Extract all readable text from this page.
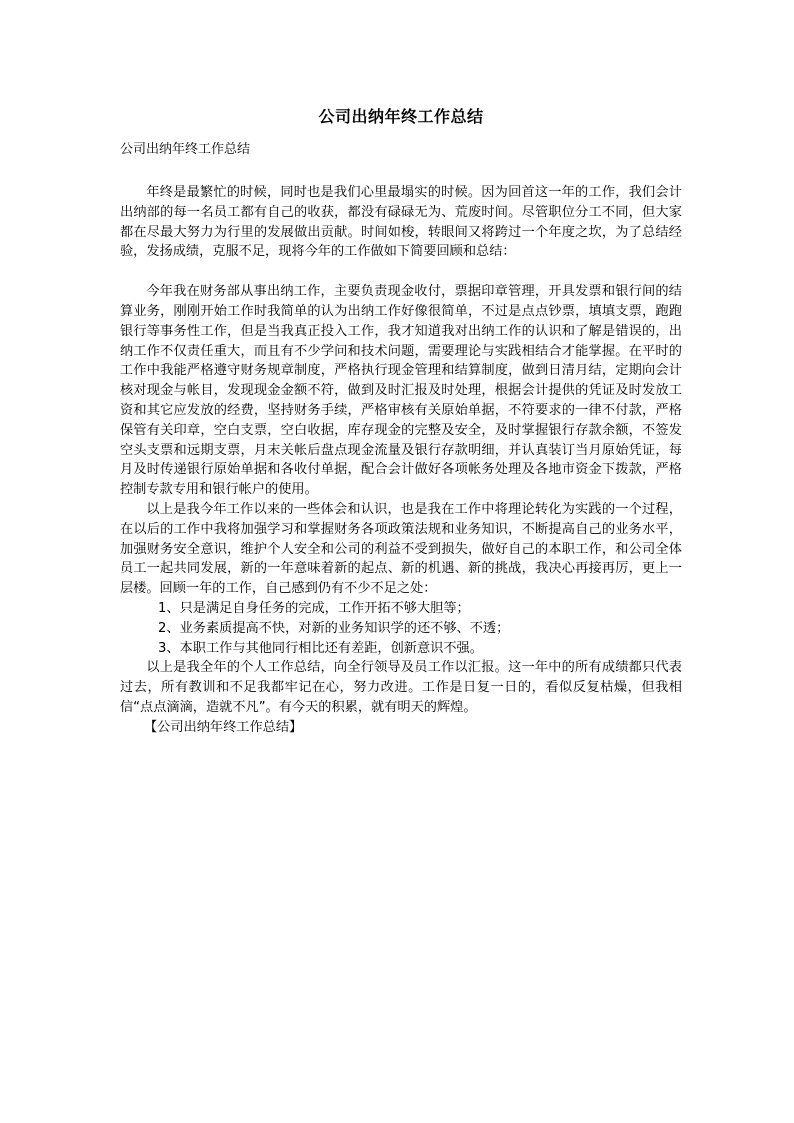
公司出纳年终工作总结

公司出纳年终工作总结

年终是最繁忙的时候，同时也是我们心里最塌实的时候。因为回首这一年的工作，我们会计出纳部的每一名员工都有自己的收获，都没有碌碌无为、荒废时间。尽管职位分工不同，但大家都在尽最大努力为行里的发展做出贡献。时间如梭，转眼间又将跨过一个年度之坎，为了总结经验，发扬成绩，克服不足，现将今年的工作做如下简要回顾和总结：

今年我在财务部从事出纳工作，主要负责现金收付，票据印章管理，开具发票和银行间的结算业务，刚刚开始工作时我简单的认为出纳工作好像很简单，不过是点点钞票，填填支票，跑跑银行等事务性工作，但是当我真正投入工作，我才知道我对出纳工作的认识和了解是错误的，出纳工作不仅责任重大，而且有不少学问和技术问题，需要理论与实践相结合才能掌握。在平时的工作中我能严格遵守财务规章制度，严格执行现金管理和结算制度，做到日清月结，定期向会计核对现金与帐目，发现现金金额不符，做到及时汇报及时处理，根据会计提供的凭证及时发放工资和其它应发放的经费，坚持财务手续，严格审核有关原始单据，不符要求的一律不付款，严格保管有关印章，空白支票，空白收据，库存现金的完整及安全，及时掌握银行存款余额，不签发空头支票和远期支票，月末关帐后盘点现金流量及银行存款明细，并认真装订当月原始凭证，每月及时传递银行原始单据和各收付单据，配合会计做好各项帐务处理及各地市资金下拨款，严格控制专款专用和银行帐户的使用。

以上是我今年工作以来的一些体会和认识，也是我在工作中将理论转化为实践的一个过程，在以后的工作中我将加强学习和掌握财务各项政策法规和业务知识，不断提高自己的业务水平，加强财务安全意识，维护个人安全和公司的利益不受到损失，做好自己的本职工作，和公司全体员工一起共同发展，新的一年意味着新的起点、新的机遇、新的挑战，我决心再接再厉，更上一层楼。回顾一年的工作，自己感到仍有不少不足之处：

1、只是满足自身任务的完成，工作开拓不够大胆等；

2、业务素质提高不快，对新的业务知识学的还不够、不透；

3、本职工作与其他同行相比还有差距，创新意识不强。

以上是我全年的个人工作总结，向全行领导及员工作以汇报。这一年中的所有成绩都只代表过去，所有教训和不足我都牢记在心，努力改进。工作是日复一日的，看似反复枯燥，但我相信“点点滴滴，造就不凡”。有今天的积累，就有明天的辉煌。

【公司出纳年终工作总结】
